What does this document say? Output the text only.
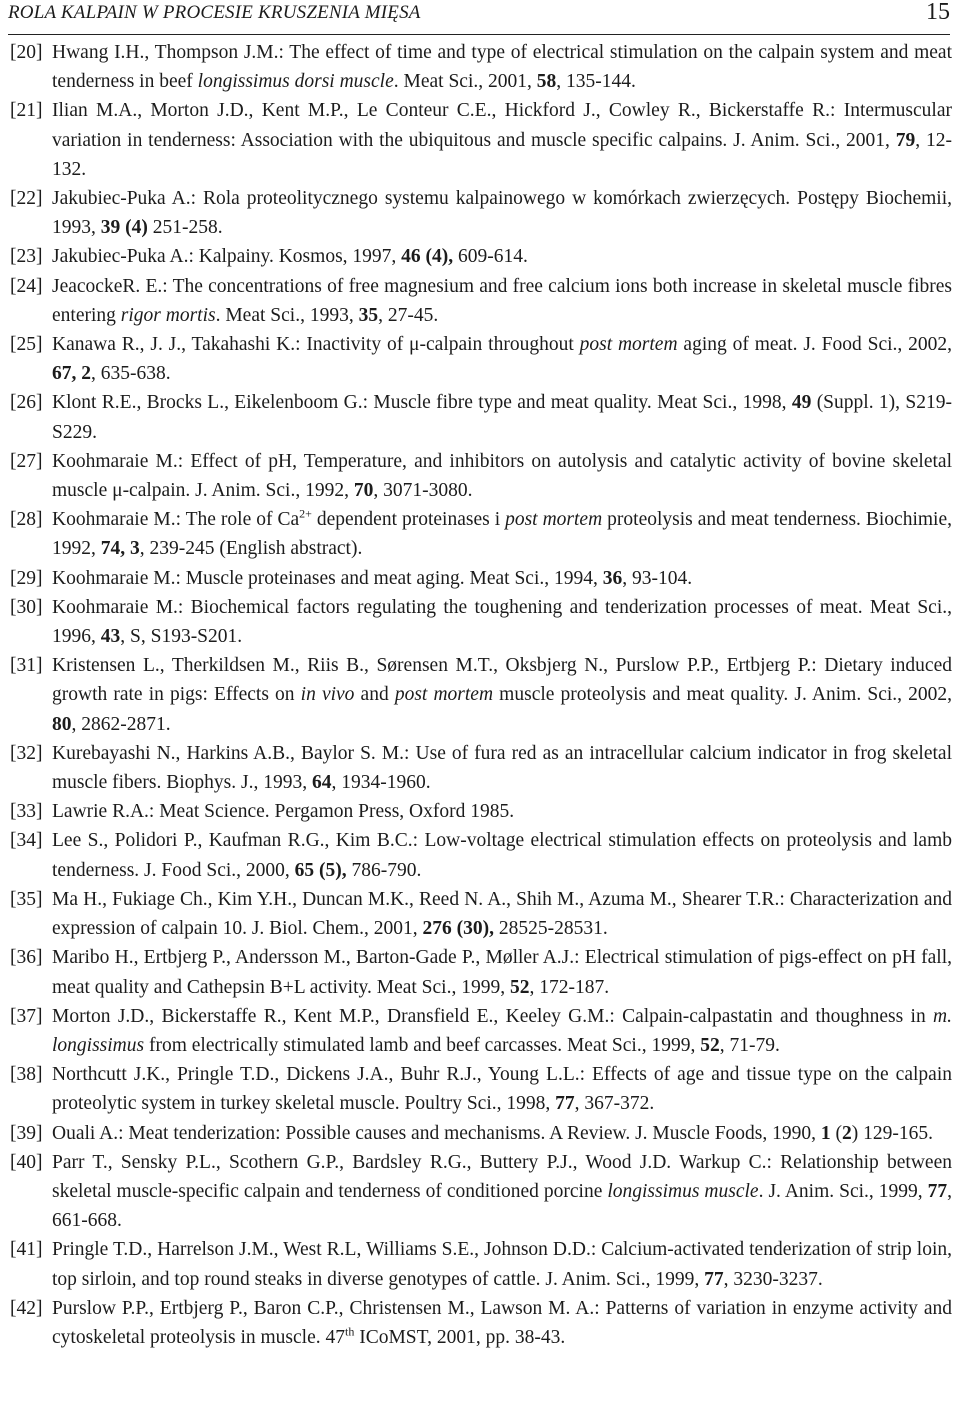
ROLA KALPAIN W PROCESIE KRUSZENIA MIĘSA	15
[20] Hwang I.H., Thompson J.M.: The effect of time and type of electrical stimulation on the calpain system and meat tenderness in beef longissimus dorsi muscle. Meat Sci., 2001, 58, 135-144.
[21] Ilian M.A., Morton J.D., Kent M.P., Le Conteur C.E., Hickford J., Cowley R., Bickerstaffe R.: Intermuscular variation in tenderness: Association with the ubiquitous and muscle specific calpains. J. Anim. Sci., 2001, 79, 12-132.
[22] Jakubiec-Puka A.: Rola proteolitycznego systemu kalpainowego w komórkach zwierzęcych. Postępy Biochemii, 1993, 39 (4) 251-258.
[23] Jakubiec-Puka A.: Kalpainy. Kosmos, 1997, 46 (4), 609-614.
[24] JeacockeR. E.: The concentrations of free magnesium and free calcium ions both increase in skeletal muscle fibres entering rigor mortis. Meat Sci., 1993, 35, 27-45.
[25] Kanawa R., J. J., Takahashi K.: Inactivity of μ-calpain throughout post mortem aging of meat. J. Food Sci., 2002, 67, 2, 635-638.
[26] Klont R.E., Brocks L., Eikelenboom G.: Muscle fibre type and meat quality. Meat Sci., 1998, 49 (Suppl. 1), S219-S229.
[27] Koohmaraie M.: Effect of pH, Temperature, and inhibitors on autolysis and catalytic activity of bovine skeletal muscle μ-calpain. J. Anim. Sci., 1992, 70, 3071-3080.
[28] Koohmaraie M.: The role of $Ca^{2+}$ dependent proteinases i post mortem proteolysis and meat tenderness. Biochimie, 1992, 74, 3, 239-245 (English abstract).
[29] Koohmaraie M.: Muscle proteinases and meat aging. Meat Sci., 1994, 36, 93-104.
[30] Koohmaraie M.: Biochemical factors regulating the toughening and tenderization processes of meat. Meat Sci., 1996, 43, S, S193-S201.
[31] Kristensen L., Therkildsen M., Riis B., Sørensen M.T., Oksbjerg N., Purslow P.P., Ertbjerg P.: Dietary induced growth rate in pigs: Effects on in vivo and post mortem muscle proteolysis and meat quality. J. Anim. Sci., 2002, 80, 2862-2871.
[32] Kurebayashi N., Harkins A.B., Baylor S. M.: Use of fura red as an intracellular calcium indicator in frog skeletal muscle fibers. Biophys. J., 1993, 64, 1934-1960.
[33] Lawrie R.A.: Meat Science. Pergamon Press, Oxford 1985.
[34] Lee S., Polidori P., Kaufman R.G., Kim B.C.: Low-voltage electrical stimulation effects on proteolysis and lamb tenderness. J. Food Sci., 2000, 65 (5), 786-790.
[35] Ma H., Fukiage Ch., Kim Y.H., Duncan M.K., Reed N. A., Shih M., Azuma M., Shearer T.R.: Characterization and expression of calpain 10. J. Biol. Chem., 2001, 276 (30), 28525-28531.
[36] Maribo H., Ertbjerg P., Andersson M., Barton-Gade P., Møller A.J.: Electrical stimulation of pigs-effect on pH fall, meat quality and Cathepsin B+L activity. Meat Sci., 1999, 52, 172-187.
[37] Morton J.D., Bickerstaffe R., Kent M.P., Dransfield E., Keeley G.M.: Calpain-calpastatin and thoughness in m. longissimus from electrically stimulated lamb and beef carcasses. Meat Sci., 1999, 52, 71-79.
[38] Northcutt J.K., Pringle T.D., Dickens J.A., Buhr R.J., Young L.L.: Effects of age and tissue type on the calpain proteolytic system in turkey skeletal muscle. Poultry Sci., 1998, 77, 367-372.
[39] Ouali A.: Meat tenderization: Possible causes and mechanisms. A Review. J. Muscle Foods, 1990, 1 (2) 129-165.
[40] Parr T., Sensky P.L., Scothern G.P., Bardsley R.G., Buttery P.J., Wood J.D. Warkup C.: Relationship between skeletal muscle-specific calpain and tenderness of conditioned porcine longissimus muscle. J. Anim. Sci., 1999, 77, 661-668.
[41] Pringle T.D., Harrelson J.M., West R.L, Williams S.E., Johnson D.D.: Calcium-activated tenderization of strip loin, top sirloin, and top round steaks in diverse genotypes of cattle. J. Anim. Sci., 1999, 77, 3230-3237.
[42] Purslow P.P., Ertbjerg P., Baron C.P., Christensen M., Lawson M. A.: Patterns of variation in enzyme activity and cytoskeletal proteolysis in muscle. 47th ICoMST, 2001, pp. 38-43.
